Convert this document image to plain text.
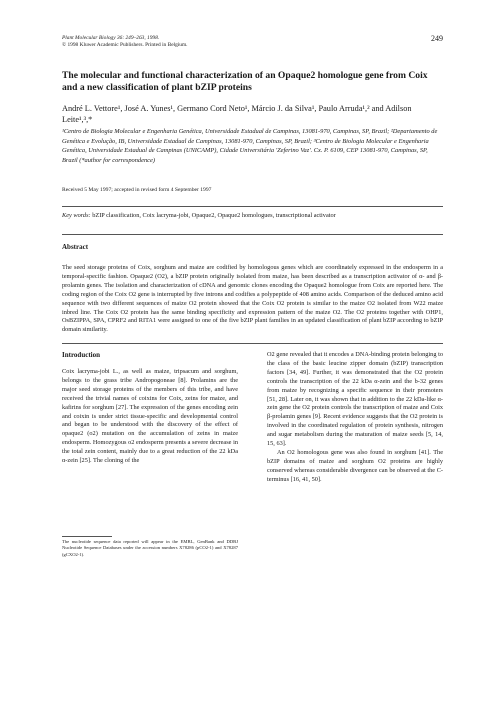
Plant Molecular Biology 36: 249–263, 1998.
© 1998 Kluwer Academic Publishers. Printed in Belgium.
249
The molecular and functional characterization of an Opaque2 homologue gene from Coix and a new classification of plant bZIP proteins
André L. Vettore¹, José A. Yunes¹, Germano Cord Neto¹, Márcio J. da Silva¹, Paulo Arruda¹,² and Adilson Leite¹,³,*
¹Centro de Biologia Molecular e Engenharia Genética, Universidade Estadual de Campinas, 13081-970, Campinas, SP, Brazil; ²Departamento de Genética e Evolução, IB, Universidade Estadual de Campinas, 13081-970, Campinas, SP, Brazil; ³Centro de Biologia Molecular e Engenharia Genética, Universidade Estadual de Campinas (UNICAMP), Cidade Universitária 'Zeferino Vaz'. Cx. P. 6109, CEP 13081-970, Campinas, SP, Brazil (*author for correspondence)
Received 5 May 1997; accepted in revised form 4 September 1997
Key words: bZIP classification, Coix lacryma-jobi, Opaque2, Opaque2 homologues, transcriptional activator
Abstract
The seed storage proteins of Coix, sorghum and maize are codified by homologous genes which are coordinately expressed in the endosperm in a temporal-specific fashion. Opaque2 (O2), a bZIP protein originally isolated from maize, has been described as a transcription activator of α- and β-prolamin genes. The isolation and characterization of cDNA and genomic clones encoding the Opaque2 homologue from Coix are reported here. The coding region of the Coix O2 gene is interrupted by five introns and codifies a polypeptide of 408 amino acids. Comparison of the deduced amino acid sequence with two different sequences of maize O2 protein showed that the Coix O2 protein is similar to the maize O2 isolated from W22 maize inbred line. The Coix O2 protein has the same binding specificity and expression pattern of the maize O2. The O2 proteins together with OHP1, OsBZIPPA, SPA, CPRF2 and RITA1 were assigned to one of the five bZIP plant families in an updated classification of plant bZIP according to bZIP domain similarity.
Introduction

Coix lacryma-jobi L., as well as maize, tripsacum and sorghum, belongs to the grass tribe Andropogoneae [8]. Prolamins are the major seed storage proteins of the members of this tribe, and have received the trivial names of coixins for Coix, zeins for maize, and kafirins for sorghum [27]. The expression of the genes encoding zein and coixin is under strict tissue-specific and developmental control and began to be understood with the discovery of the effect of opaque2 (o2) mutation on the accumulation of zeins in maize endosperm. Homozygous o2 endosperm presents a severe decrease in the total zein content, mainly due to a great reduction of the 22 kDa α-zein [25]. The cloning of the

O2 gene revealed that it encodes a DNA-binding protein belonging to the class of the basic leucine zipper domain (bZIP) transcription factors [34, 49]. Further, it was demonstrated that the O2 protein controls the transcription of the 22 kDa α-zein and the b-32 genes from maize by recognizing a specific sequence in their promoters [51, 28]. Later on, it was shown that in addition to the 22 kDa-like α-zein gene the O2 protein controls the transcription of maize and Coix β-prolamin genes [9]. Recent evidence suggests that the O2 protein is involved in the coordinated regulation of protein synthesis, nitrogen and sugar metabolism during the maturation of maize seeds [5, 14, 15, 63].

An O2 homologous gene was also found in sorghum [41]. The bZIP domains of maize and sorghum O2 proteins are highly conserved whereas considerable divergence can be observed at the C-terminus [16, 41, 50].

The nucleotide sequence data reported will appear in the EMBL, GenBank and DDBJ Nucleotide Sequence Databases under the accession numbers X78286 (pCO2-1) and X78287 (gCXO2-1).
